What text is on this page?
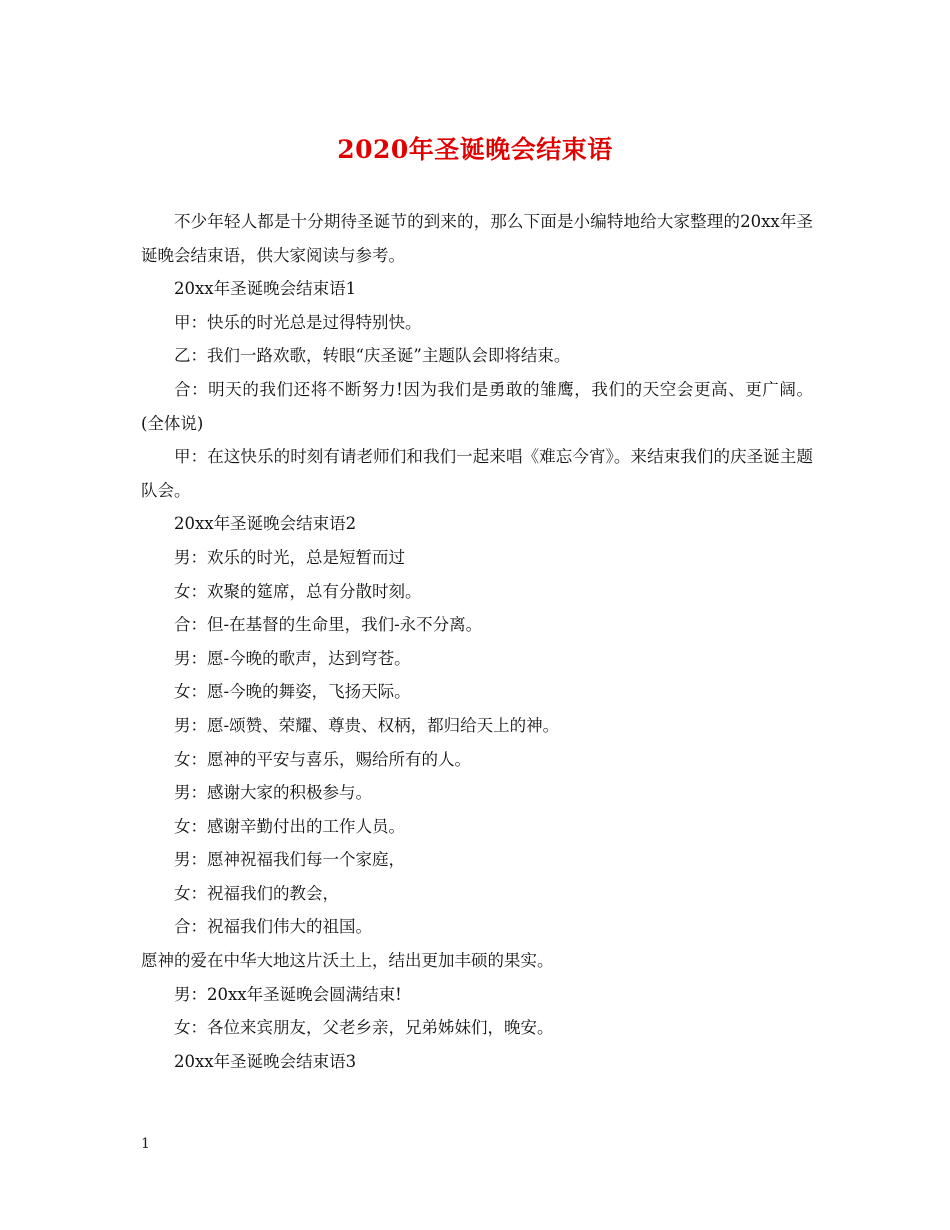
2020年圣诞晚会结束语

不少年轻人都是十分期待圣诞节的到来的，那么下面是小编特地给大家整理的20xx年圣诞晚会结束语，供大家阅读与参考。

20xx年圣诞晚会结束语1

甲：快乐的时光总是过得特别快。

乙：我们一路欢歌，转眼“庆圣诞”主题队会即将结束。

合：明天的我们还将不断努力!因为我们是勇敢的雏鹰，我们的天空会更高、更广阔。(全体说)

甲：在这快乐的时刻有请老师们和我们一起来唱《难忘今宵》。来结束我们的庆圣诞主题队会。

20xx年圣诞晚会结束语2

男：欢乐的时光，总是短暂而过

女：欢聚的筵席，总有分散时刻。

合：但-在基督的生命里，我们-永不分离。

男：愿-今晚的歌声，达到穹苍。

女：愿-今晚的舞姿，飞扬天际。

男：愿-颂赞、荣耀、尊贵、权柄，都归给天上的神。

女：愿神的平安与喜乐，赐给所有的人。

男：感谢大家的积极参与。

女：感谢辛勤付出的工作人员。

男：愿神祝福我们每一个家庭，

女：祝福我们的教会，

合：祝福我们伟大的祖国。

愿神的爱在中华大地这片沃土上，结出更加丰硕的果实。

男：20xx年圣诞晚会圆满结束!

女：各位来宾朋友，父老乡亲，兄弟姊妹们，晚安。

20xx年圣诞晚会结束语3

1
